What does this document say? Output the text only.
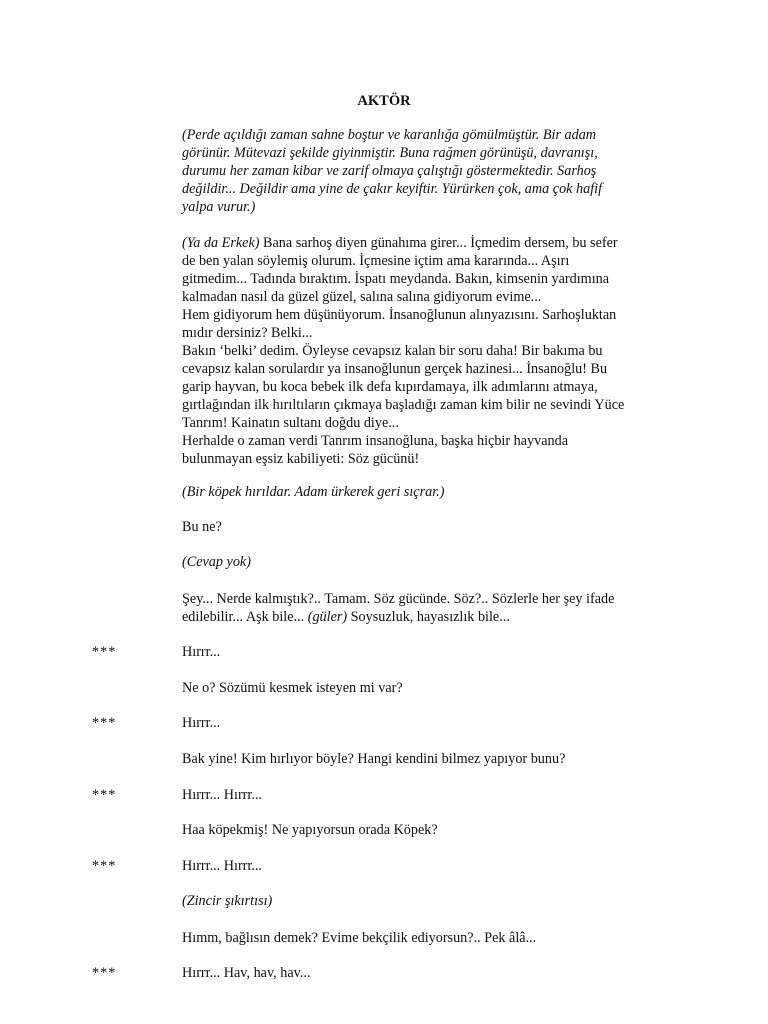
AKTÖR
(Perde açıldığı zaman sahne boştur ve karanlığa gömülmüştür. Bir adam
görünür. Mütevazi şekilde giyinmiştir. Buna rağmen görünüşü, davranışı,
durumu her zaman kibar ve zarif olmaya çalıştığı göstermektedir. Sarhoş
değildir... Değildir ama yine de çakır keyiftir. Yürürken çok, ama çok hafif
yalpa vurur.)
(Ya da Erkek) Bana sarhoş diyen günahıma girer... İçmedim dersem, bu sefer
de ben yalan söylemiş olurum. İçmesine içtim ama kararında... Aşırı
gitmedim... Tadında bıraktım. İspatı meydanda. Bakın, kimsenin yardımına
kalmadan nasıl da güzel güzel, salına salına gidiyorum evime...
Hem gidiyorum hem düşünüyorum. İnsanoğlunun alınyazısını. Sarhoşluktan
mıdır dersiniz? Belki...
Bakın ‘belki’ dedim. Öyleyse cevapsız kalan bir soru daha! Bir bakıma bu
cevapsız kalan sorulardır ya insanoğlunun gerçek hazinesi... İnsanoğlu! Bu
garip hayvan, bu koca bebek ilk defa kıpırdamaya, ilk adımlarını atmaya,
gırtlağından ilk hırıltıların çıkmaya başladığı zaman kim bilir ne sevindi Yüce
Tanrım! Kainatın sultanı doğdu diye...
Herhalde o zaman verdi Tanrım insanoğluna, başka hiçbir hayvanda
bulunmayan eşsiz kabiliyeti: Söz gücünü!
(Bir köpek hırıldar. Adam ürkerek geri sıçrar.)
Bu ne?
(Cevap yok)
Şey... Nerde kalmıştık?.. Tamam. Söz gücünde. Söz?.. Sözlerle her şey ifade
edilebilir... Aşk bile... (güler) Soysuzluk, hayasızlık bile...
***	Hırrr...
Ne o? Sözümü kesmek isteyen mi var?
***	Hırrr...
Bak yine! Kim hırlıyor böyle? Hangi kendini bilmez yapıyor bunu?
***	Hırrr... Hırrr...
Haa köpekmiş! Ne yapıyorsun orada Köpek?
***	Hırrr... Hırrr...
(Zincir şıkırtısı)
Hımm, bağlısın demek? Evime bekçilik ediyorsun?.. Pek âlâ...
***	Hırrr... Hav, hav, hav...
